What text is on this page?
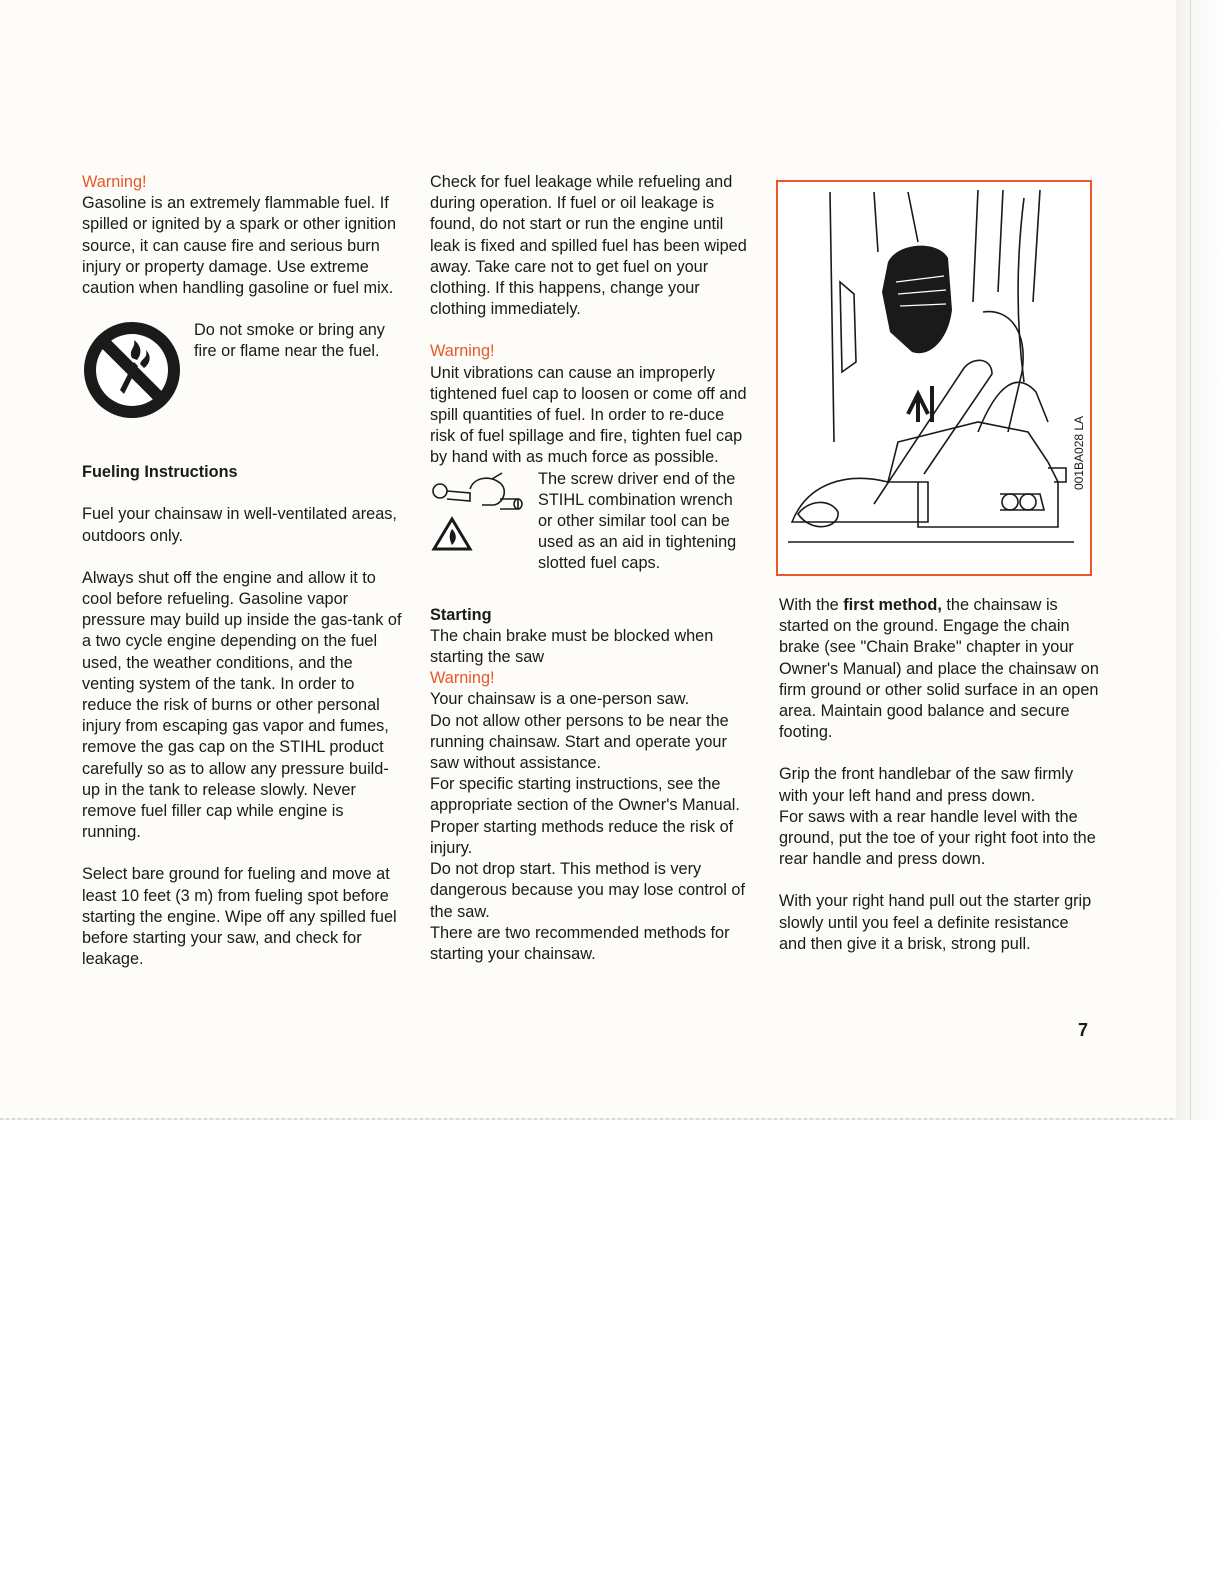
Warning!

Gasoline is an extremely flammable fuel. If spilled or ignited by a spark or other ignition source, it can cause fire and serious burn injury or property damage. Use extreme caution when handling gasoline or fuel mix.

Do not smoke or bring any fire or flame near the fuel.

Fueling Instructions

Fuel your chainsaw in well-ventilated areas, outdoors only.

Always shut off the engine and allow it to cool before refueling. Gasoline vapor pressure may build up inside the gas-tank of a two cycle engine depending on the fuel used, the weather conditions, and the venting system of the tank. In order to reduce the risk of burns or other personal injury from escaping gas vapor and fumes, remove the gas cap on the STIHL product carefully so as to allow any pressure build-up in the tank to release slowly. Never remove fuel filler cap while engine is running.

Select bare ground for fueling and move at least 10 feet (3 m) from fueling spot before starting the engine. Wipe off any spilled fuel before starting your saw, and check for leakage.

Check for fuel leakage while refueling and during operation. If fuel or oil leakage is found, do not start or run the engine until leak is fixed and spilled fuel has been wiped away. Take care not to get fuel on your clothing. If this happens, change your clothing immediately.

Warning!

Unit vibrations can cause an improperly tightened fuel cap to loosen or come off and spill quantities of fuel. In order to re-duce risk of fuel spillage and fire, tighten fuel cap by hand with as much force as possible.

The screw driver end of the STIHL combination wrench or other similar tool can be used as an aid in tightening slotted fuel caps.

Starting

The chain brake must be blocked when starting the saw

Warning!

Your chainsaw is a one-person saw.

Do not allow other persons to be near the running chainsaw. Start and operate your saw without assistance.

For specific starting instructions, see the appropriate section of the Owner's Manual. Proper starting methods reduce the risk of injury.

Do not drop start. This method is very dangerous because you may lose control of the saw.

There are two recommended methods for starting your chainsaw.

001BA028 LA

With the first method, the chainsaw is started on the ground. Engage the chain brake (see "Chain Brake" chapter in your Owner's Manual) and place the chainsaw on firm ground or other solid surface in an open area. Maintain good balance and secure footing.

Grip the front handlebar of the saw firmly with your left hand and press down.

For saws with a rear handle level with the ground, put the toe of your right foot into the rear handle and press down.

With your right hand pull out the starter grip slowly until you feel a definite resistance and then give it a brisk, strong pull.

7
